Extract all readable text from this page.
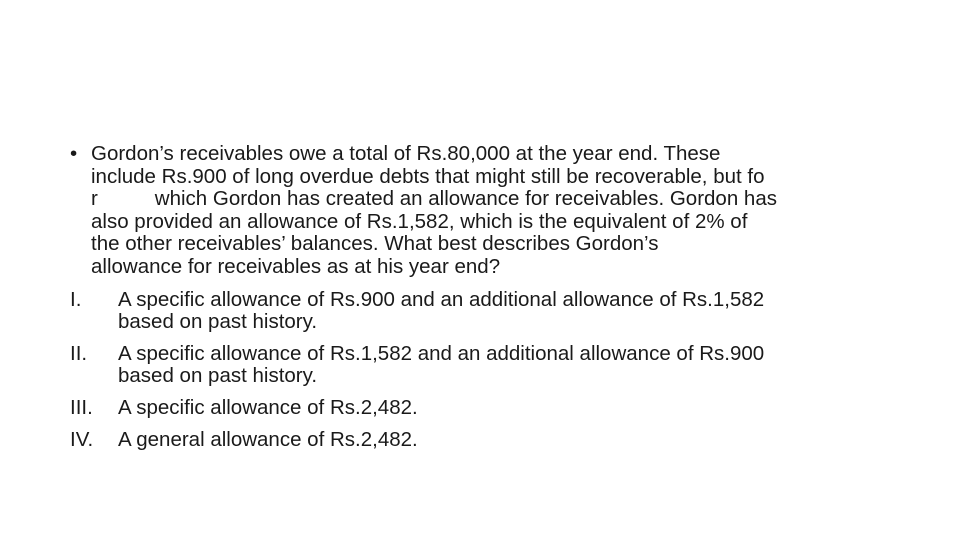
• Gordon’s receivables owe a total of Rs.80,000 at the year end. These
include Rs.900 of long overdue debts that might still be recoverable, but fo
r          which Gordon has created an allowance for receivables. Gordon has
also provided an allowance of Rs.1,582, which is the equivalent of 2% of
the other receivables’ balances. What best describes Gordon’s
allowance for receivables as at his year end?
I.	A specific allowance of Rs.900 and an additional allowance of Rs.1,582
based on past history.
II.	A specific allowance of Rs.1,582 and an additional allowance of Rs.900
based on past history.
III.	A specific allowance of Rs.2,482.
IV.	A general allowance of Rs.2,482.
